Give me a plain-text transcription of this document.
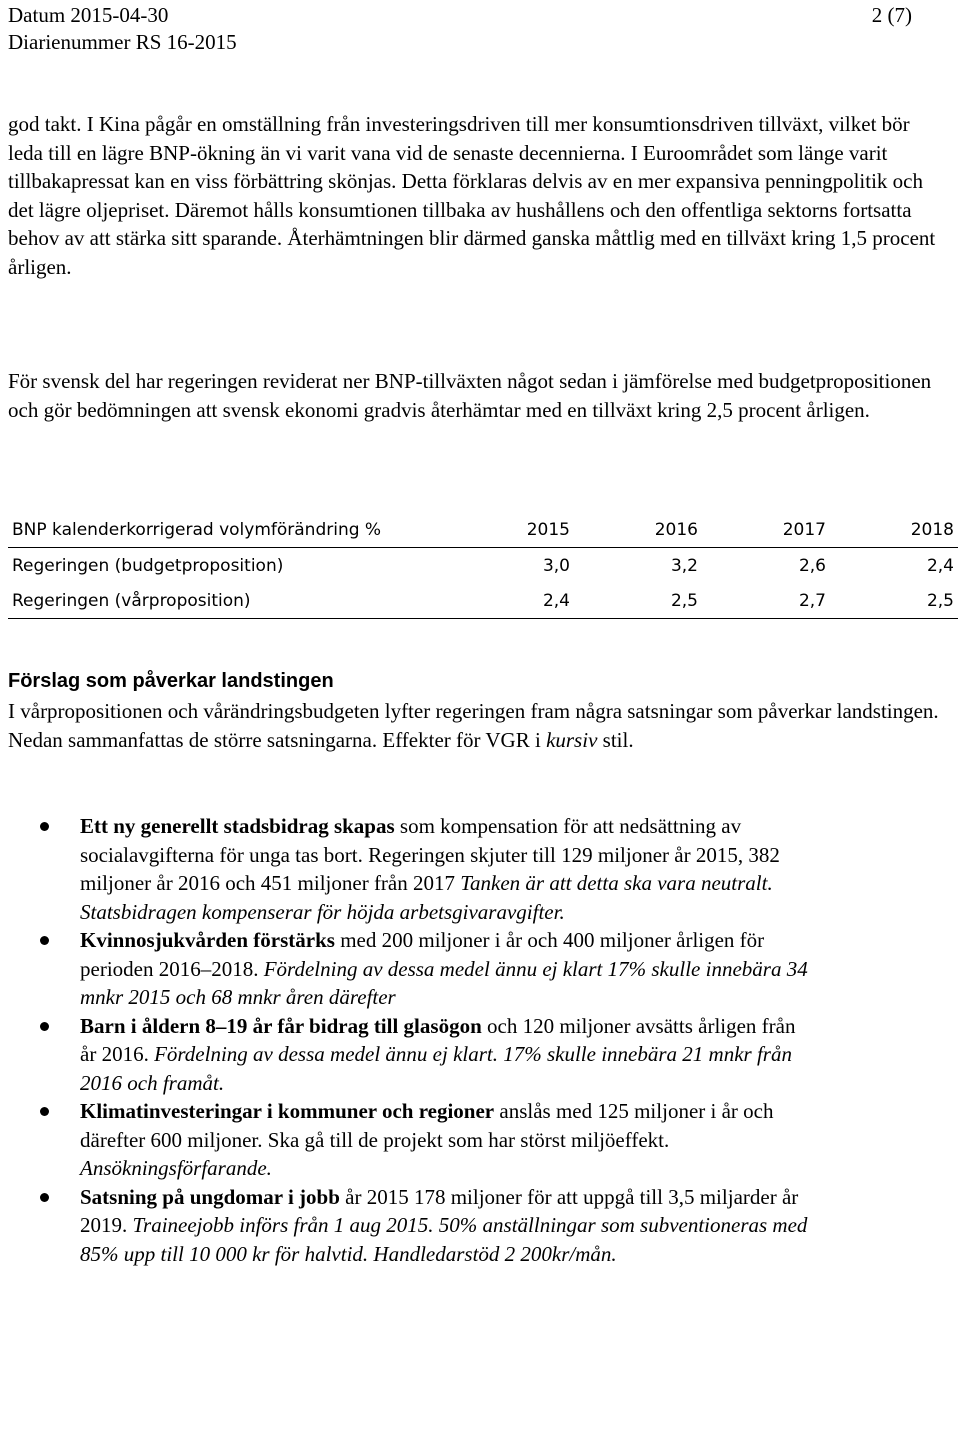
Datum 2015-04-30
Diarienummer RS 16-2015
2 (7)

god takt. I Kina pågår en omställning från investeringsdriven till mer konsumtionsdriven tillväxt, vilket bör leda till en lägre BNP-ökning än vi varit vana vid de senaste decennierna. I Euroområdet som länge varit tillbakapressat kan en viss förbättring skönjas. Detta förklaras delvis av en mer expansiva penningpolitik och det lägre oljepriset. Däremot hålls konsumtionen tillbaka av hushållens och den offentliga sektorns fortsatta behov av att stärka sitt sparande. Återhämtningen blir därmed ganska måttlig med en tillväxt kring 1,5 procent årligen.

För svensk del har regeringen reviderat ner BNP-tillväxten något sedan i jämförelse med budgetpropositionen och gör bedömningen att svensk ekonomi gradvis återhämtar med en tillväxt kring 2,5 procent årligen.

BNP kalenderkorrigerad volymförändring %	2015	2016	2017	2018
Regeringen (budgetproposition)	3,0	3,2	2,6	2,4
Regeringen (vårproposition)	2,4	2,5	2,7	2,5
Förslag som påverkar landstingen

I vårpropositionen och vårändringsbudgeten lyfter regeringen fram några satsningar som påverkar landstingen. Nedan sammanfattas de större satsningarna. Effekter för VGR i kursiv stil.

Ett ny generellt stadsbidrag skapas som kompensation för att nedsättning av socialavgifterna för unga tas bort. Regeringen skjuter till 129 miljoner år 2015, 382 miljoner år 2016 och 451 miljoner från 2017 Tanken är att detta ska vara neutralt. Statsbidragen kompenserar för höjda arbetsgivaravgifter.
Kvinnosjukvården förstärks med 200 miljoner i år och 400 miljoner årligen för perioden 2016–2018. Fördelning av dessa medel ännu ej klart 17% skulle innebära 34 mnkr 2015 och 68 mnkr åren därefter
Barn i åldern 8–19 år får bidrag till glasögon och 120 miljoner avsätts årligen från år 2016. Fördelning av dessa medel ännu ej klart. 17% skulle innebära 21 mnkr från 2016 och framåt.
Klimatinvesteringar i kommuner och regioner anslås med 125 miljoner i år och därefter 600 miljoner. Ska gå till de projekt som har störst miljöeffekt. Ansökningsförfarande.
Satsning på ungdomar i jobb år 2015 178 miljoner för att uppgå till 3,5 miljarder år 2019. Traineejobb införs från 1 aug 2015. 50% anställningar som subventioneras med 85% upp till 10 000 kr för halvtid. Handledarstöd 2 200kr/mån.
